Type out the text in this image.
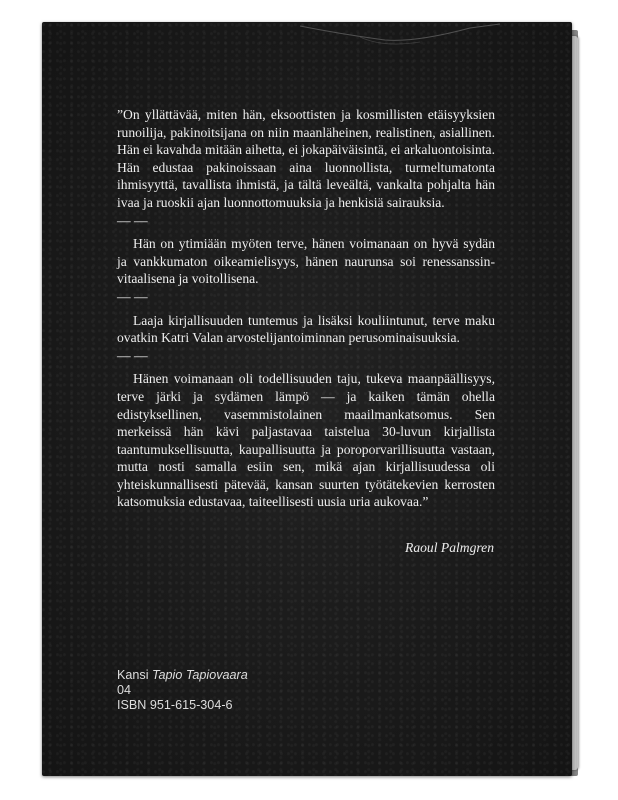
”On yllättävää, miten hän, eksoottisten ja kosmillisten etäisyyksien runoilija, pakinoitsijana on niin maanläheinen, realistinen, asiallinen. Hän ei kavahda mitään aihetta, ei jokapäiväisintä, ei arkaluontoisinta. Hän edustaa pakinoissaan aina luonnollista, turmeltumatonta ihmisyyttä, tavallista ihmistä, ja tältä leveältä, vankalta pohjalta hän ivaa ja ruoskii ajan luonnottomuuksia ja henkisiä sairauksia.

— —

Hän on ytimiään myöten terve, hänen voimanaan on hyvä sydän ja vankkumaton oikeamielisyys, hänen naurunsa soi renessanssin-vitaalisena ja voitollisena.

— —

Laaja kirjallisuuden tuntemus ja lisäksi kouliintunut, terve maku ovatkin Katri Valan arvostelijantoiminnan perusominaisuuksia.

— —

Hänen voimanaan oli todellisuuden taju, tukeva maanpäällisyys, terve järki ja sydämen lämpö — ja kaiken tämän ohella edistyksellinen, vasemmistolainen maailmankatsomus. Sen merkeissä hän kävi paljastavaa taistelua 30-luvun kirjallista taantumuksellisuutta, kaupallisuutta ja poroporvarillisuutta vastaan, mutta nosti samalla esiin sen, mikä ajan kirjallisuudessa oli yhteiskunnallisesti pätevää, kansan suurten työtätekevien kerrosten katsomuksia edustavaa, taiteellisesti uusia uria aukovaa.”

Raoul Palmgren
Kansi Tapio Tapiovaara
04
ISBN 951-615-304-6
